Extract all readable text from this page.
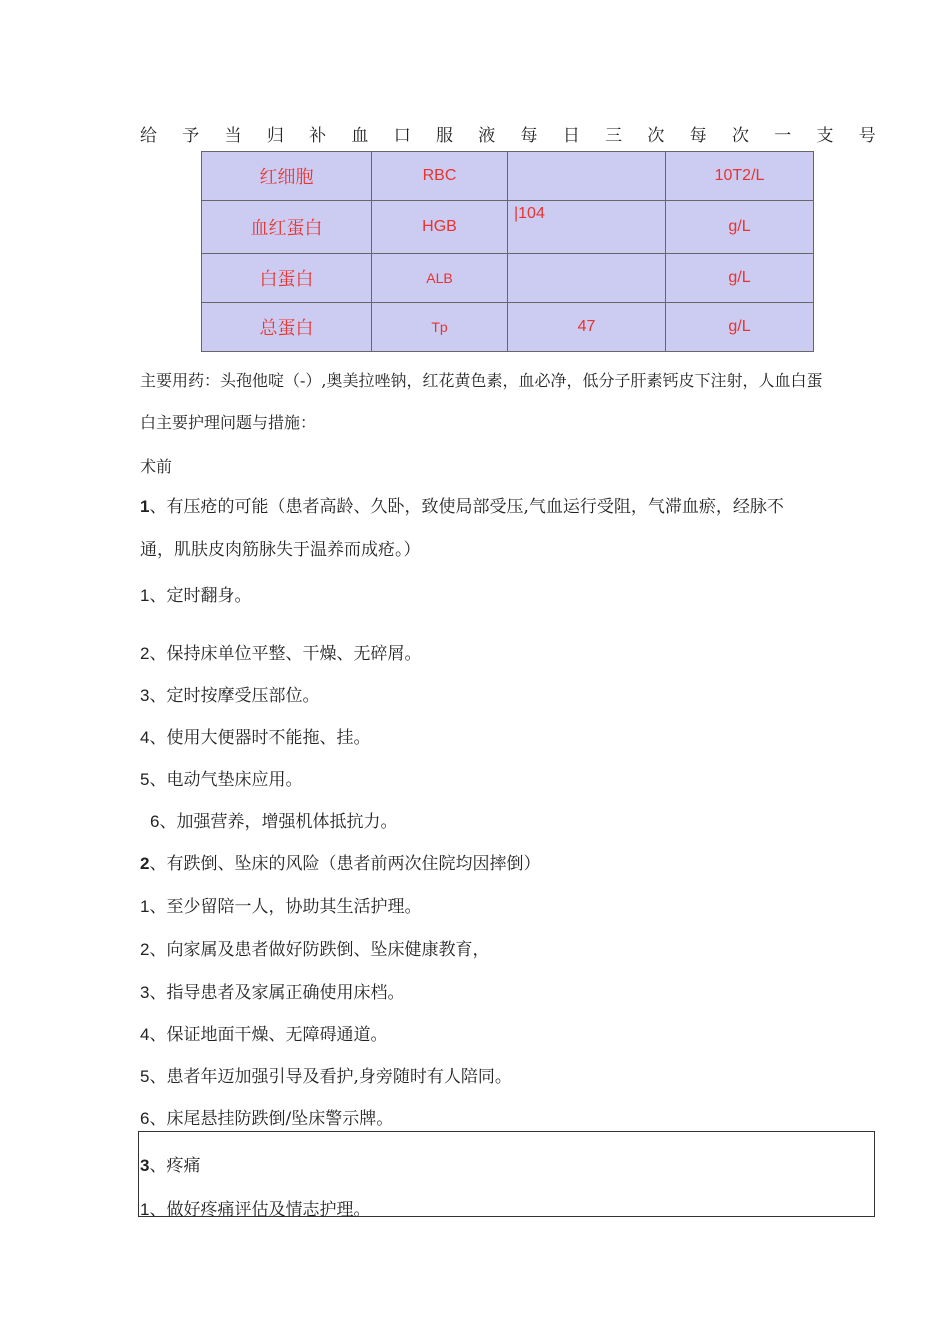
给 予 当 归 补 血 口 服 液 每 日 三 次 每 次 一 支 号
红细胞	RBC		10T2/L
血红蛋白	HGB	|104	g/L
白蛋白	ALB		g/L
总蛋白	Tp	47	g/L
主要用药：头孢他啶（-）,奥美拉唑钠，红花黄色素，血必净，低分子肝素钙皮下注射，人血白蛋
白主要护理问题与措施：
术前
1、有压疮的可能（患者高龄、久卧，致使局部受压,气血运行受阻，气滞血瘀，经脉不
通，肌肤皮肉筋脉失于温养而成疮。）
1、定时翻身。
2、保持床单位平整、干燥、无碎屑。
3、定时按摩受压部位。
4、使用大便器时不能拖、挂。
5、电动气垫床应用。
6、加强营养，增强机体抵抗力。
2、有跌倒、坠床的风险（患者前两次住院均因摔倒）
1、至少留陪一人，协助其生活护理。
2、向家属及患者做好防跌倒、坠床健康教育，
3、指导患者及家属正确使用床档。
4、保证地面干燥、无障碍通道。
5、患者年迈加强引导及看护,身旁随时有人陪同。
6、床尾悬挂防跌倒/坠床警示牌。
3、疼痛
1、做好疼痛评估及情志护理。
